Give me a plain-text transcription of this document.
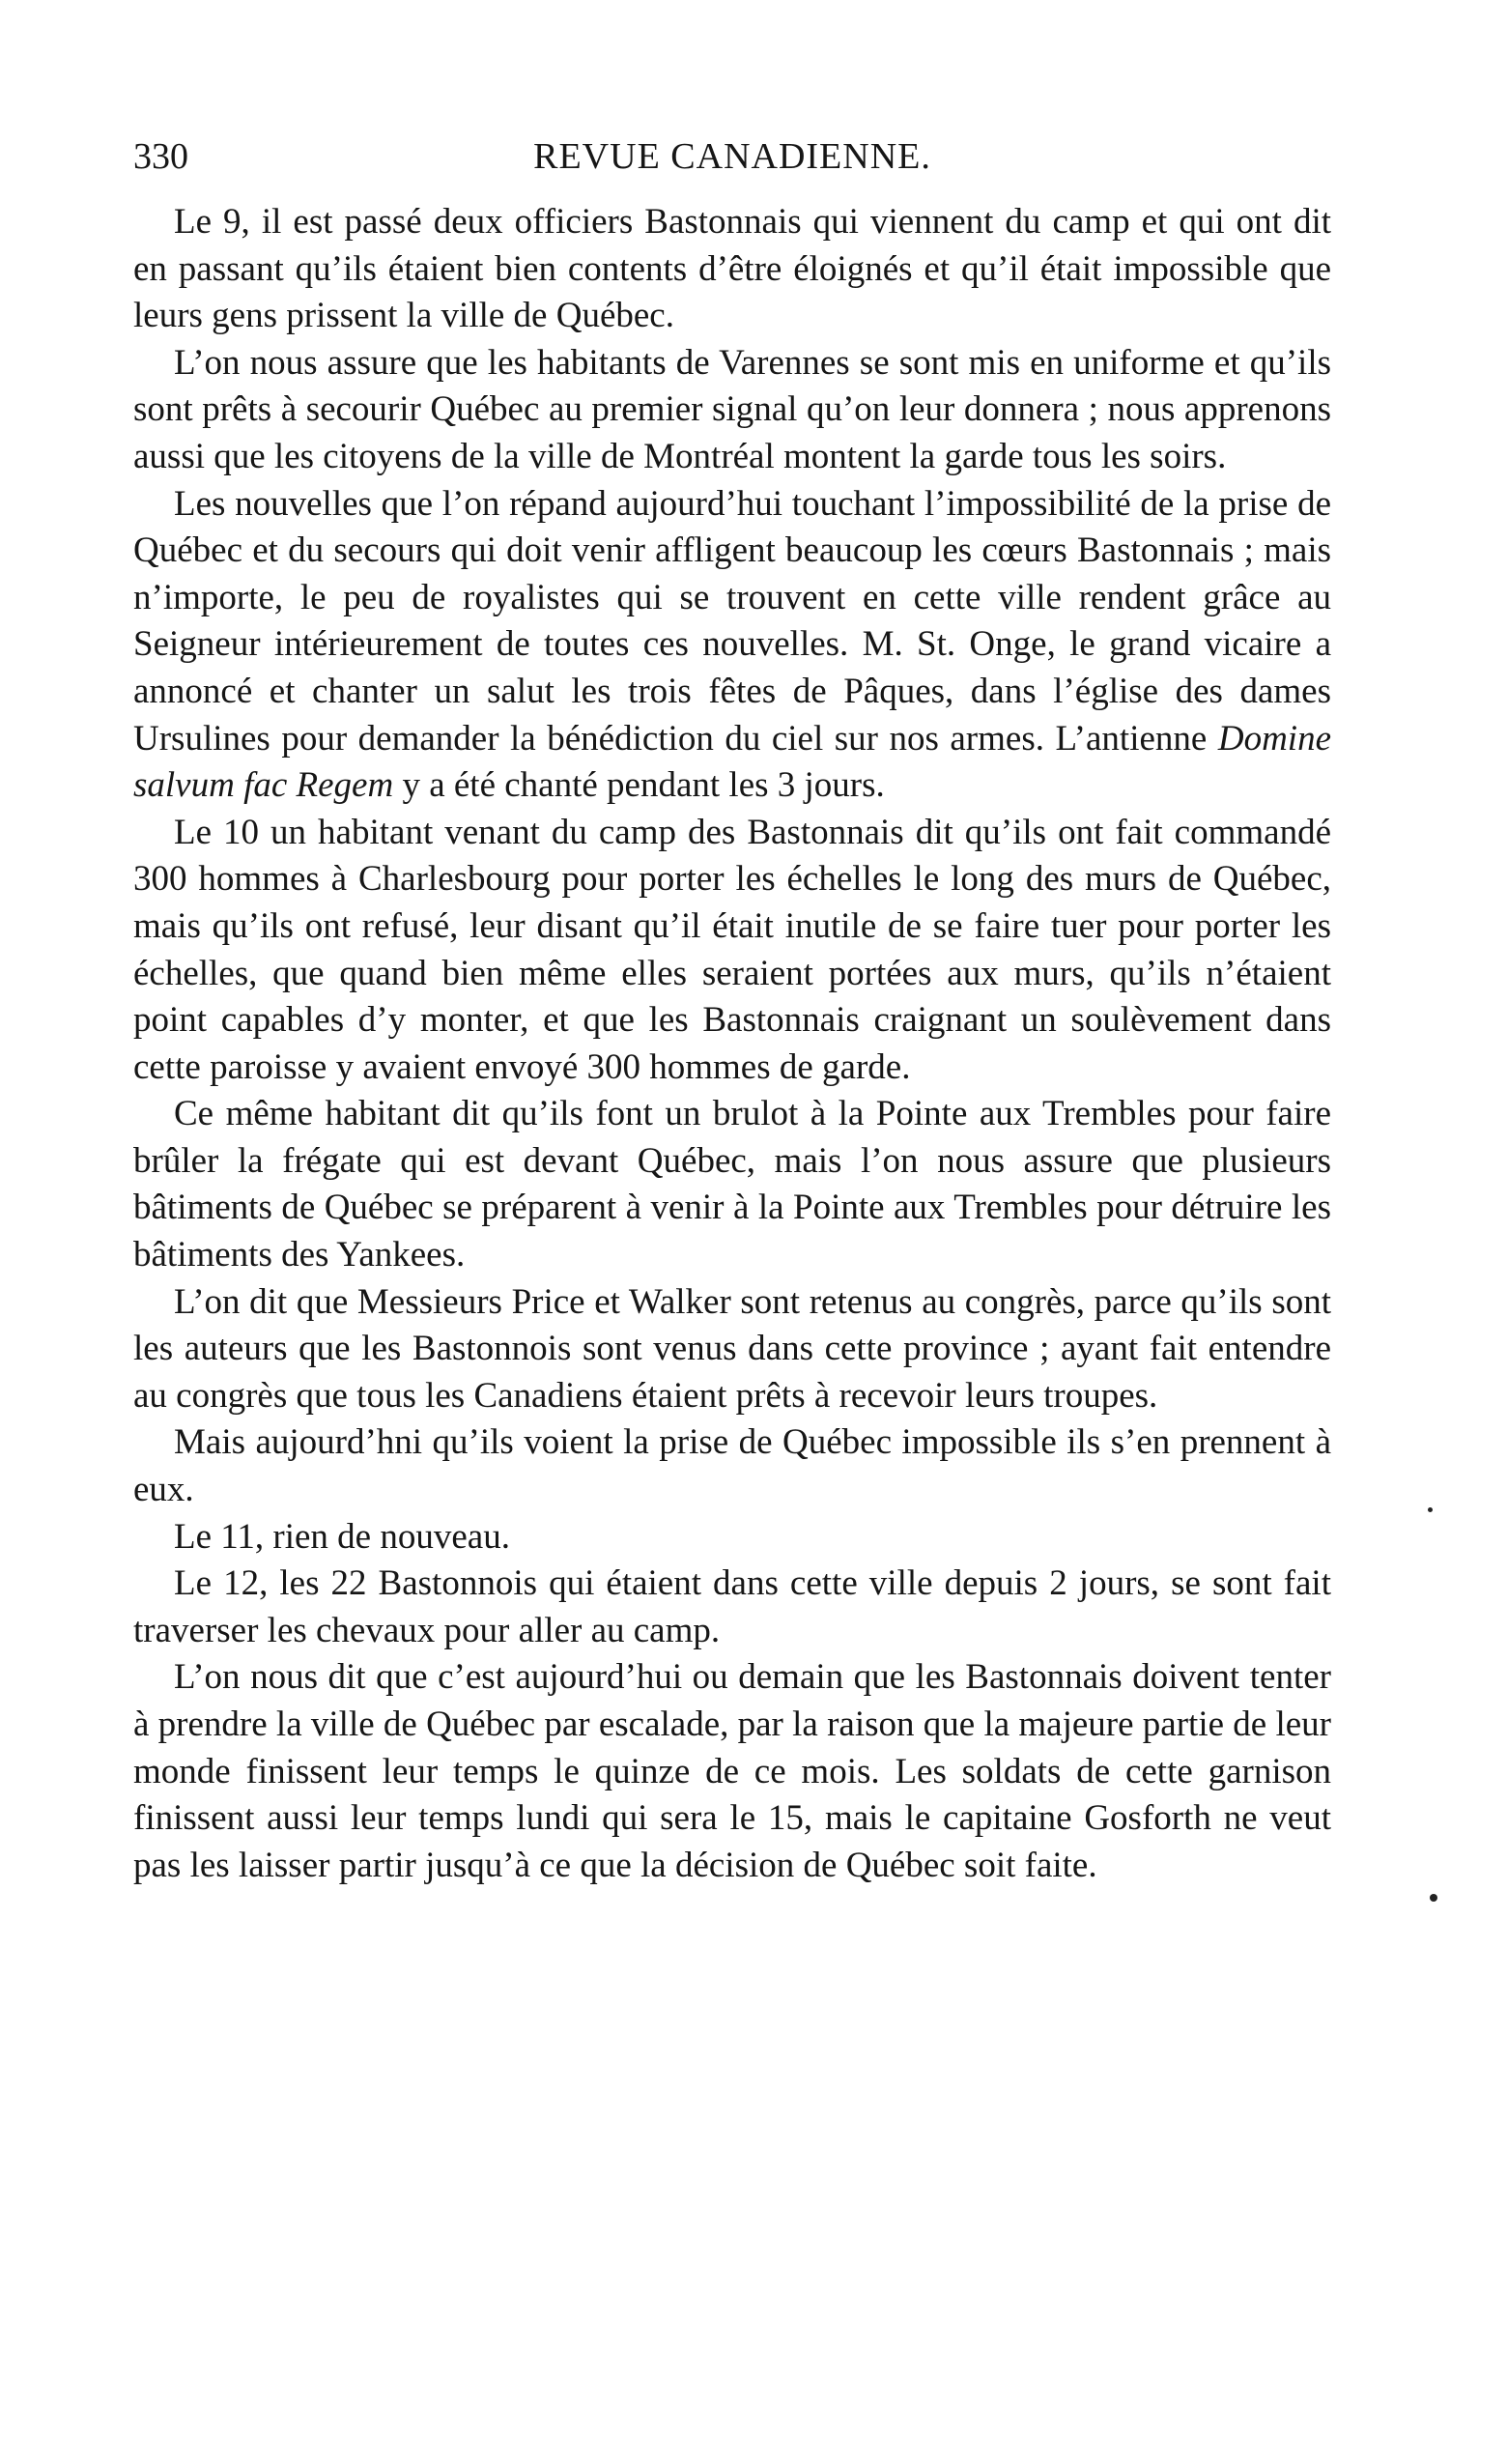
330	REVUE CANADIENNE.

Le 9, il est passé deux officiers Bastonnais qui viennent du camp et qui ont dit en passant qu’ils étaient bien contents d’être éloignés et qu’il était impossible que leurs gens prissent la ville de Québec.

L’on nous assure que les habitants de Varennes se sont mis en uniforme et qu’ils sont prêts à secourir Québec au premier signal qu’on leur donnera ; nous apprenons aussi que les citoyens de la ville de Montréal montent la garde tous les soirs.

Les nouvelles que l’on répand aujourd’hui touchant l’impossibilité de la prise de Québec et du secours qui doit venir affligent beaucoup les cœurs Bastonnais ; mais n’importe, le peu de royalistes qui se trouvent en cette ville rendent grâce au Seigneur intérieurement de toutes ces nouvelles. M. St. Onge, le grand vicaire a annoncé et chanter un salut les trois fêtes de Pâques, dans l’église des dames Ursulines pour demander la bénédiction du ciel sur nos armes. L’antienne Domine salvum fac Regem y a été chanté pendant les 3 jours.

Le 10 un habitant venant du camp des Bastonnais dit qu’ils ont fait commandé 300 hommes à Charlesbourg pour porter les échelles le long des murs de Québec, mais qu’ils ont refusé, leur disant qu’il était inutile de se faire tuer pour porter les échelles, que quand bien même elles seraient portées aux murs, qu’ils n’étaient point capables d’y monter, et que les Bastonnais craignant un soulèvement dans cette paroisse y avaient envoyé 300 hommes de garde.

Ce même habitant dit qu’ils font un brulot à la Pointe aux Trembles pour faire brûler la frégate qui est devant Québec, mais l’on nous assure que plusieurs bâtiments de Québec se préparent à venir à la Pointe aux Trembles pour détruire les bâtiments des Yankees.

L’on dit que Messieurs Price et Walker sont retenus au congrès, parce qu’ils sont les auteurs que les Bastonnois sont venus dans cette province ; ayant fait entendre au congrès que tous les Canadiens étaient prêts à recevoir leurs troupes.

Mais aujourd’hni qu’ils voient la prise de Québec impossible ils s’en prennent à eux.

Le 11, rien de nouveau.

Le 12, les 22 Bastonnois qui étaient dans cette ville depuis 2 jours, se sont fait traverser les chevaux pour aller au camp.

L’on nous dit que c’est aujourd’hui ou demain que les Bastonnais doivent tenter à prendre la ville de Québec par escalade, par la raison que la majeure partie de leur monde finissent leur temps le quinze de ce mois. Les soldats de cette garnison finissent aussi leur temps lundi qui sera le 15, mais le capitaine Gosforth ne veut pas les laisser partir jusqu’à ce que la décision de Québec soit faite.
